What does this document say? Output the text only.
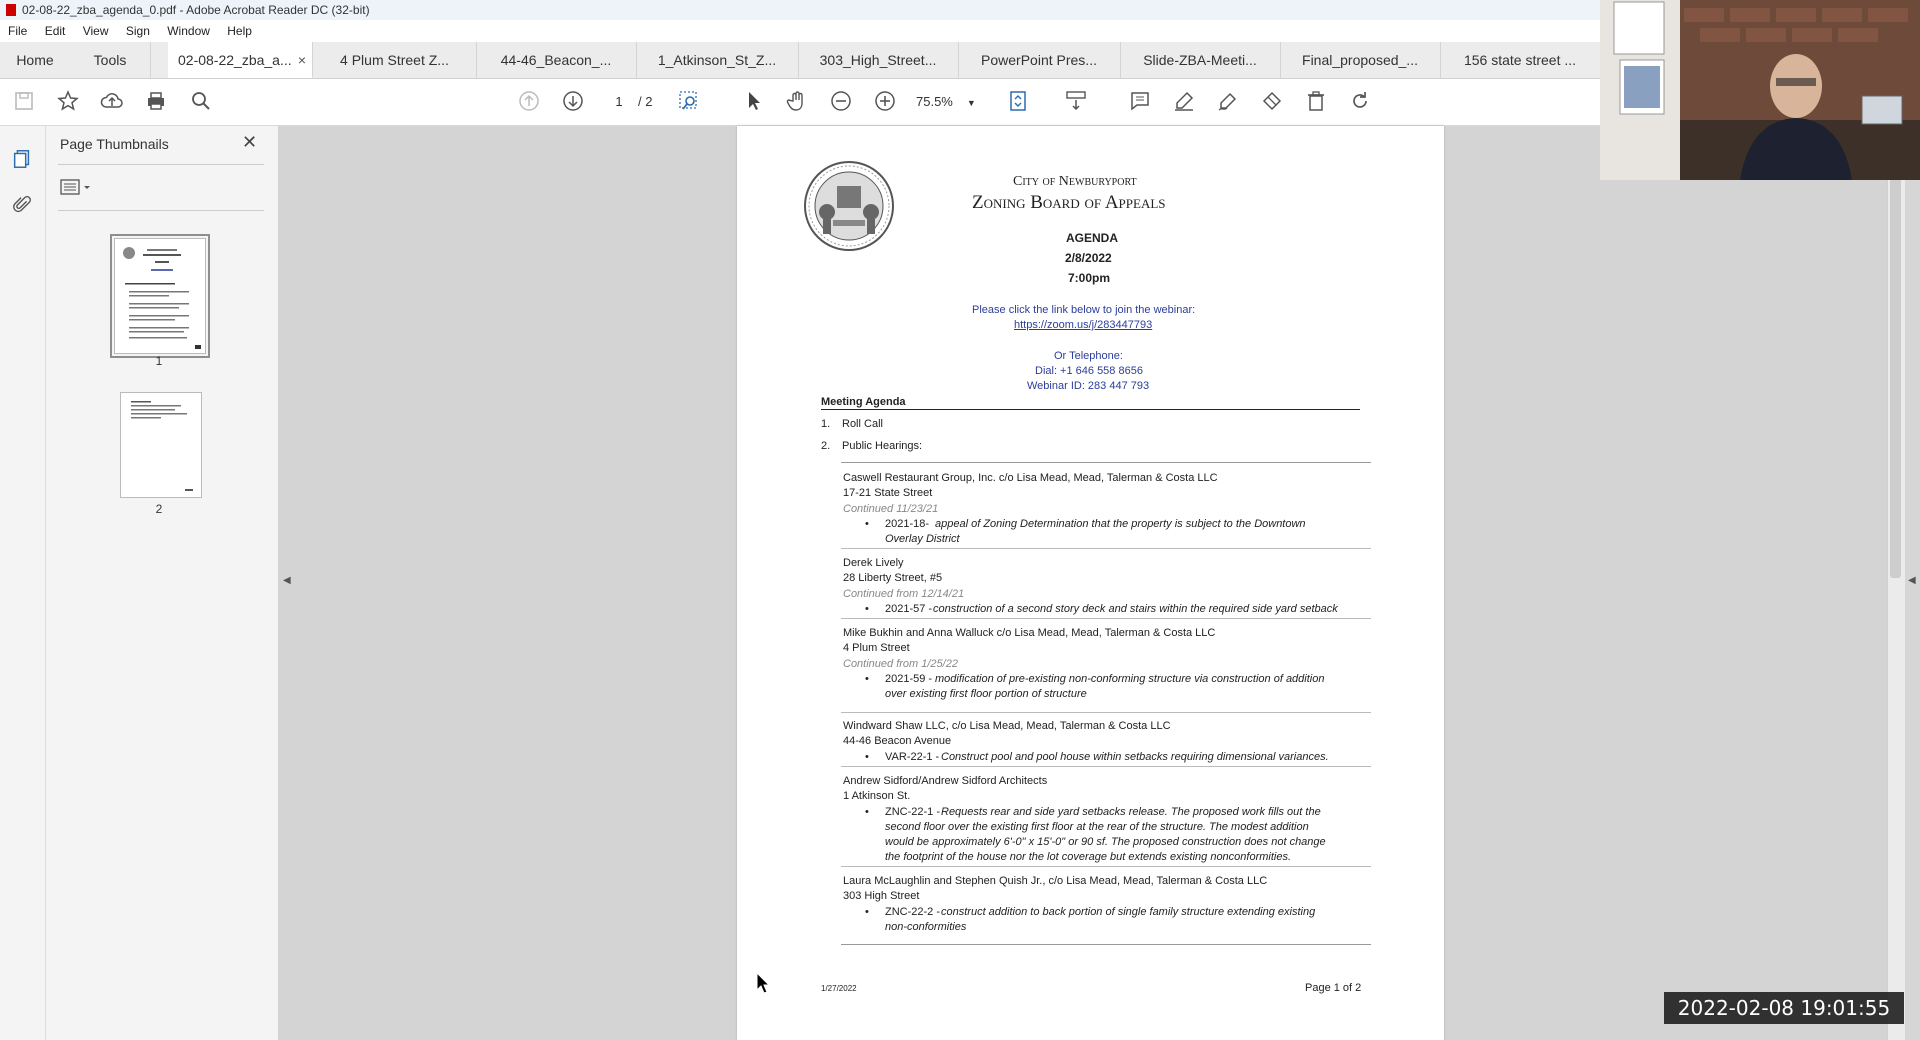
02-08-22_zba_agenda_0.pdf - Adobe Acrobat Reader DC (32-bit)
File Edit View Sign Window Help
Home	Tools	02-08-22_zba_a... ×	4 Plum Street Z...	44-46_Beacon_...	1_Atkinson_St_Z...	303_High_Street...	PowerPoint Pres...	Slide-ZBA-Meeti...	Final_proposed_...	156 state street ...
1	/ 2	75.5% ▼
Page Thumbnails	✕
1
2
◀
City of Newburyport
Zoning Board of Appeals
AGENDA
2/8/2022
7:00pm
Please click the link below to join the webinar:
https://zoom.us/j/283447793
Or Telephone:
Dial: +1 646 558 8656
Webinar ID: 283 447 793
Meeting Agenda
1. Roll Call
2. Public Hearings:
Caswell Restaurant Group, Inc. c/o Lisa Mead, Mead, Talerman & Costa LLC
17-21 State Street
Continued 11/23/21
• 2021-18- appeal of Zoning Determination that the property is subject to the Downtown
Overlay District
Derek Lively
28 Liberty Street, #5
Continued from 12/14/21
• 2021-57 - construction of a second story deck and stairs within the required side yard setback
Mike Bukhin and Anna Walluck c/o Lisa Mead, Mead, Talerman & Costa LLC
4 Plum Street
Continued from 1/25/22
• 2021-59 - modification of pre-existing non-conforming structure via construction of addition
over existing first floor portion of structure
Windward Shaw LLC, c/o Lisa Mead, Mead, Talerman & Costa LLC
44-46 Beacon Avenue
• VAR-22-1 - Construct pool and pool house within setbacks requiring dimensional variances.
Andrew Sidford/Andrew Sidford Architects
1 Atkinson St.
• ZNC-22-1 - Requests rear and side yard setbacks release. The proposed work fills out the
second floor over the existing first floor at the rear of the structure. The modest addition
would be approximately 6'-0" x 15'-0" or 90 sf. The proposed construction does not change
the footprint of the house nor the lot coverage but extends existing nonconformities.
Laura McLaughlin and Stephen Quish Jr., c/o Lisa Mead, Mead, Talerman & Costa LLC
303 High Street
• ZNC-22-2 - construct addition to back portion of single family structure extending existing
non-conformities
1/27/2022	Page 1 of 2
◀
2022-02-08 19:01:55
